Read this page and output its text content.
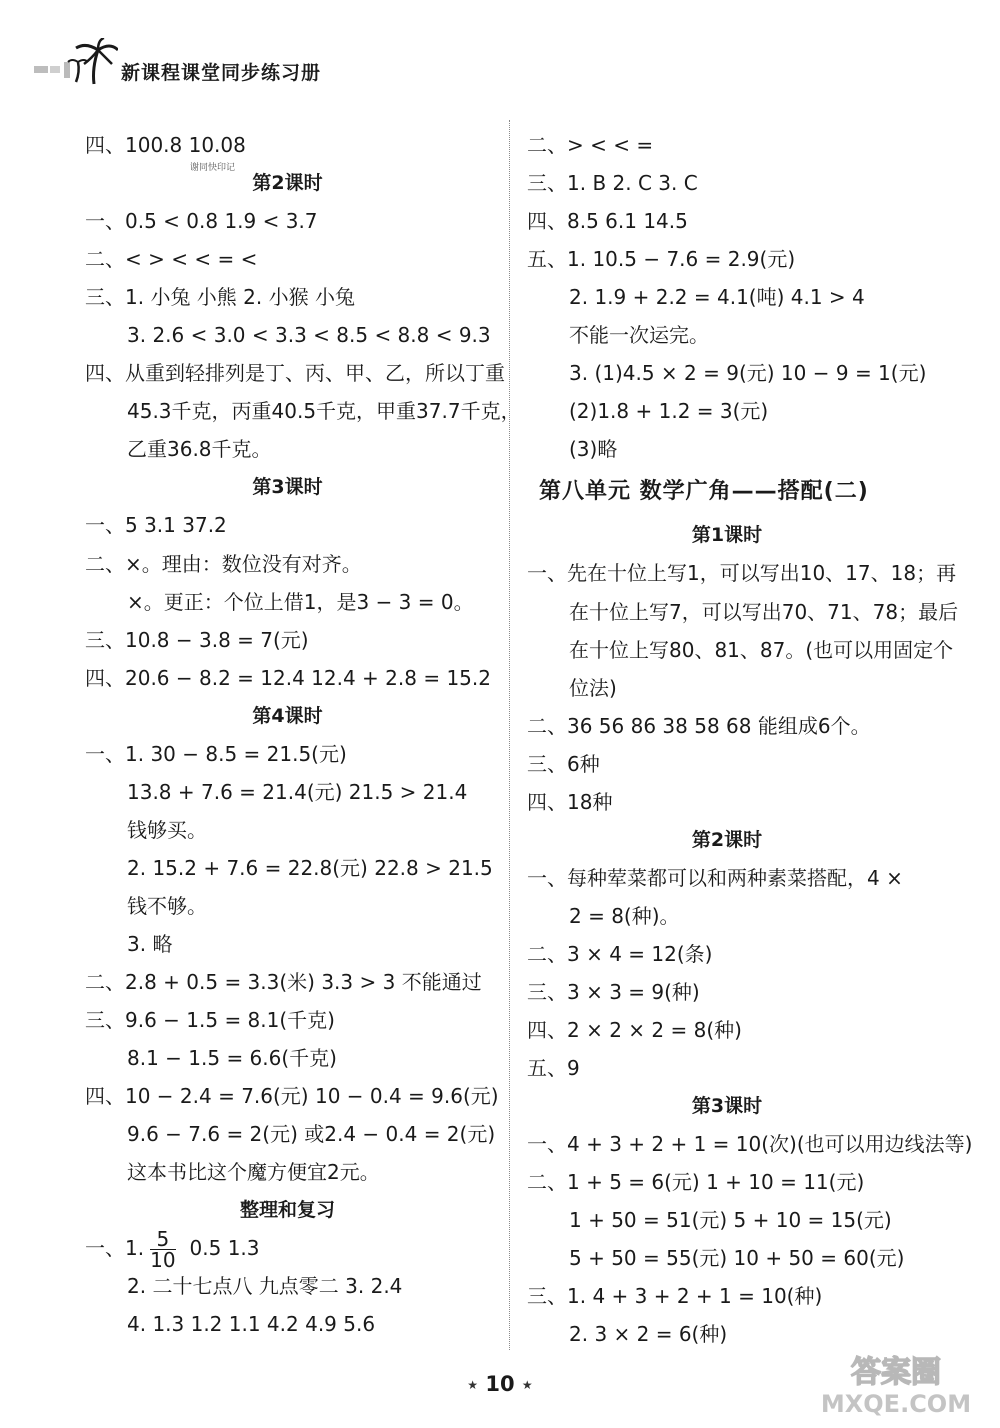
新课程课堂同步练习册
谢同快印记
四、100.8 10.08
第2课时
一、0.5 < 0.8 1.9 < 3.7
二、< > < < = <
三、1. 小兔 小熊 2. 小猴 小兔
3. 2.6 < 3.0 < 3.3 < 8.5 < 8.8 < 9.3
四、从重到轻排列是丁、丙、甲、乙，所以丁重
45.3千克，丙重40.5千克，甲重37.7千克，
乙重36.8千克。
第3课时
一、5 3.1 37.2
二、×。理由：数位没有对齐。
×。更正：个位上借1，是3 − 3 = 0。
三、10.8 − 3.8 = 7(元)
四、20.6 − 8.2 = 12.4 12.4 + 2.8 = 15.2
第4课时
一、1. 30 − 8.5 = 21.5(元)
13.8 + 7.6 = 21.4(元) 21.5 > 21.4
钱够买。
2. 15.2 + 7.6 = 22.8(元) 22.8 > 21.5
钱不够。
3. 略
二、2.8 + 0.5 = 3.3(米) 3.3 > 3 不能通过
三、9.6 − 1.5 = 8.1(千克)
8.1 − 1.5 = 6.6(千克)
四、10 − 2.4 = 7.6(元) 10 − 0.4 = 9.6(元)
9.6 − 7.6 = 2(元) 或2.4 − 0.4 = 2(元)
这本书比这个魔方便宜2元。
整理和复习
一、1. $\frac{5}{10} 0.5$ 1.3
2. 二十七点八 九点零二 3. 2.4
4. 1.3 1.2 1.1 4.2 4.9 5.6
二、> < < =
三、1. B 2. C 3. C
四、8.5 6.1 14.5
五、1. 10.5 − 7.6 = 2.9(元)
2. 1.9 + 2.2 = 4.1(吨) 4.1 > 4
不能一次运完。
3. (1)4.5 × 2 = 9(元) 10 − 9 = 1(元)
(2)1.8 + 1.2 = 3(元)
(3)略
第八单元 数学广角——搭配(二)
第1课时
一、先在十位上写1，可以写出10、17、18；再
在十位上写7，可以写出70、71、78；最后
在十位上写80、81、87。(也可以用固定个
位法)
二、36 56 86 38 58 68 能组成6个。
三、6种
四、18种
第2课时
一、每种荤菜都可以和两种素菜搭配，4 ×
2 = 8(种)。
二、3 × 4 = 12(条)
三、3 × 3 = 9(种)
四、2 × 2 × 2 = 8(种)
五、9
第3课时
一、4 + 3 + 2 + 1 = 10(次)(也可以用边线法等)
二、1 + 5 = 6(元) 1 + 10 = 11(元)
1 + 50 = 51(元) 5 + 10 = 15(元)
5 + 50 = 55(元) 10 + 50 = 60(元)
三、1. 4 + 3 + 2 + 1 = 10(种)
2. 3 × 2 = 6(种)
★ 10 ★	答案圈
MXQE.COM
